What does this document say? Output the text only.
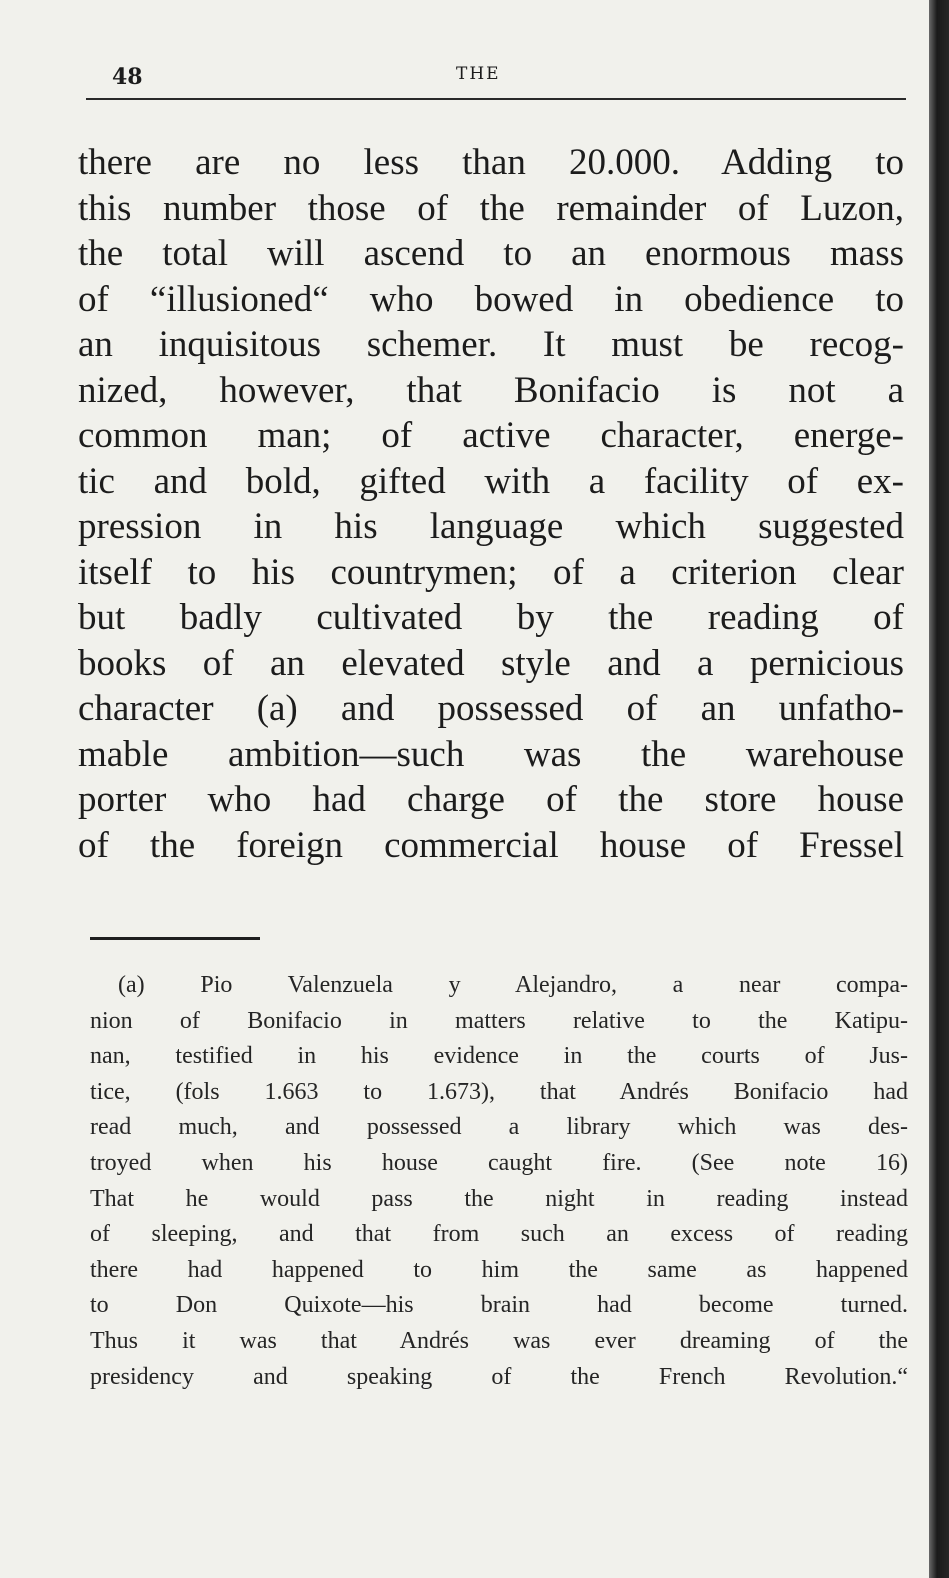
48	THE
there are no less than 20.000. Adding to
this number those of the remainder of Luzon,
the total will ascend to an enormous mass
of “illusioned“ who bowed in obedience to
an inquisitous schemer. It must be recog-
nized, however, that Bonifacio is not a
common man; of active character, energe-
tic and bold, gifted with a facility of ex-
pression in his language which suggested
itself to his countrymen; of a criterion clear
but badly cultivated by the reading of
books of an elevated style and a pernicious
character (a) and possessed of an unfatho-
mable ambition—such was the warehouse
porter who had charge of the store house
of the foreign commercial house of Fressel
(a) Pio Valenzuela y Alejandro, a near compa-
nion of Bonifacio in matters relative to the Katipu-
nan, testified in his evidence in the courts of Jus-
tice, (fols 1.663 to 1.673), that Andrés Bonifacio had
read much, and possessed a library which was des-
troyed when his house caught fire. (See note 16)
That he would pass the night in reading instead
of sleeping, and that from such an excess of reading
there had happened to him the same as happened
to Don Quixote—his brain had become turned.
Thus it was that Andrés was ever dreaming of the
presidency and speaking of the French Revolution.“
